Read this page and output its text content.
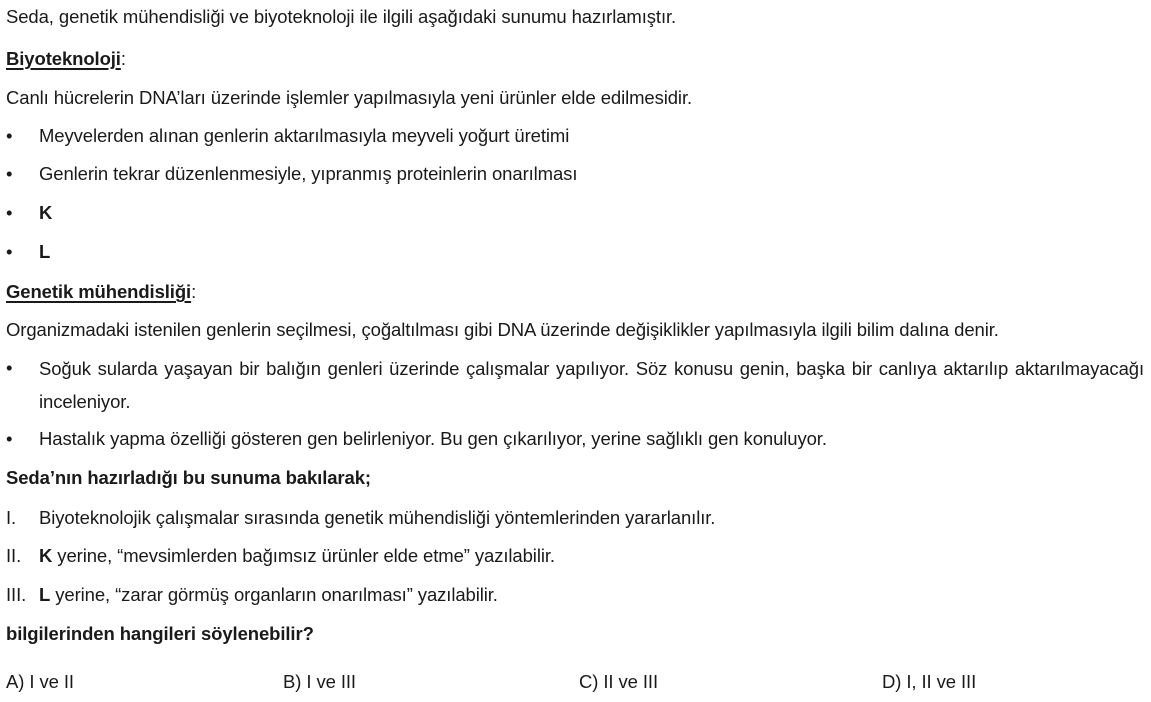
Seda, genetik mühendisliği ve biyoteknoloji ile ilgili aşağıdaki sunumu hazırlamıştır.
Biyoteknoloji:
Canlı hücrelerin DNA’ları üzerinde işlemler yapılmasıyla yeni ürünler elde edilmesidir.
•	Meyvelerden alınan genlerin aktarılmasıyla meyveli yoğurt üretimi
•	Genlerin tekrar düzenlenmesiyle, yıpranmış proteinlerin onarılması
•	K
•	L
Genetik mühendisliği:
Organizmadaki istenilen genlerin seçilmesi, çoğaltılması gibi DNA üzerinde değişiklikler yapılmasıyla ilgili bilim dalına denir.
•	Soğuk sularda yaşayan bir balığın genleri üzerinde çalışmalar yapılıyor. Söz konusu genin, başka bir canlıya aktarılıp aktarılmayacağı inceleniyor.
•	Hastalık yapma özelliği gösteren gen belirleniyor. Bu gen çıkarılıyor, yerine sağlıklı gen konuluyor.
Seda’nın hazırladığı bu sunuma bakılarak;
I. Biyoteknolojik çalışmalar sırasında genetik mühendisliği yöntemlerinden yararlanılır.
II. K yerine, “mevsimlerden bağımsız ürünler elde etme” yazılabilir.
III. L yerine, “zarar görmüş organların onarılması” yazılabilir.
bilgilerinden hangileri söylenebilir?
A) I ve II	B) I ve III	C) II ve III	D) I, II ve III
